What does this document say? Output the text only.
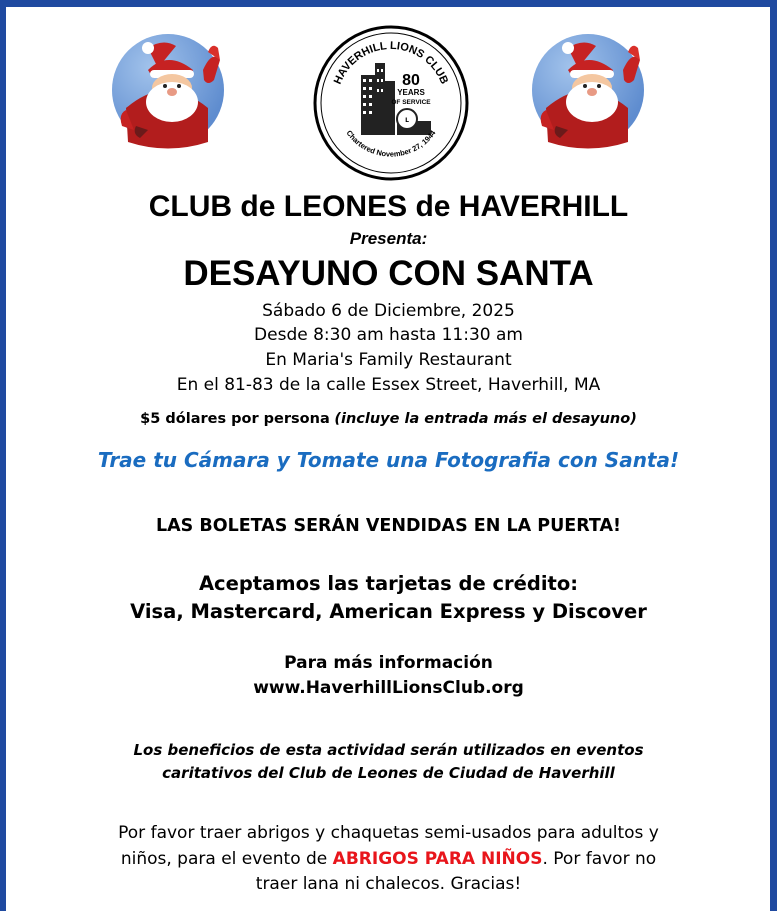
L
80
YEARS
OF SERVICE
HAVERHILL LIONS CLUB
Chartered November 27, 1944
CLUB de LEONES de HAVERHILL
Presenta:
DESAYUNO CON SANTA
Sábado 6 de Diciembre, 2025
Desde 8:30 am hasta 11:30 am
En Maria's Family Restaurant
En el 81-83 de la calle Essex Street, Haverhill, MA
$5 dólares por persona (incluye la entrada más el desayuno)
Trae tu Cámara y Tomate una Fotografia con Santa!
LAS BOLETAS SERÁN VENDIDAS EN LA PUERTA!
Aceptamos las tarjetas de crédito:
Visa, Mastercard, American Express y Discover
Para más información
www.HaverhillLionsClub.org
Los beneficios de esta actividad serán utilizados en eventos
caritativos del Club de Leones de Ciudad de Haverhill
Por favor traer abrigos y chaquetas semi-usados para adultos y
niños, para el evento de ABRIGOS PARA NIÑOS. Por favor no
traer lana ni chalecos. Gracias!
